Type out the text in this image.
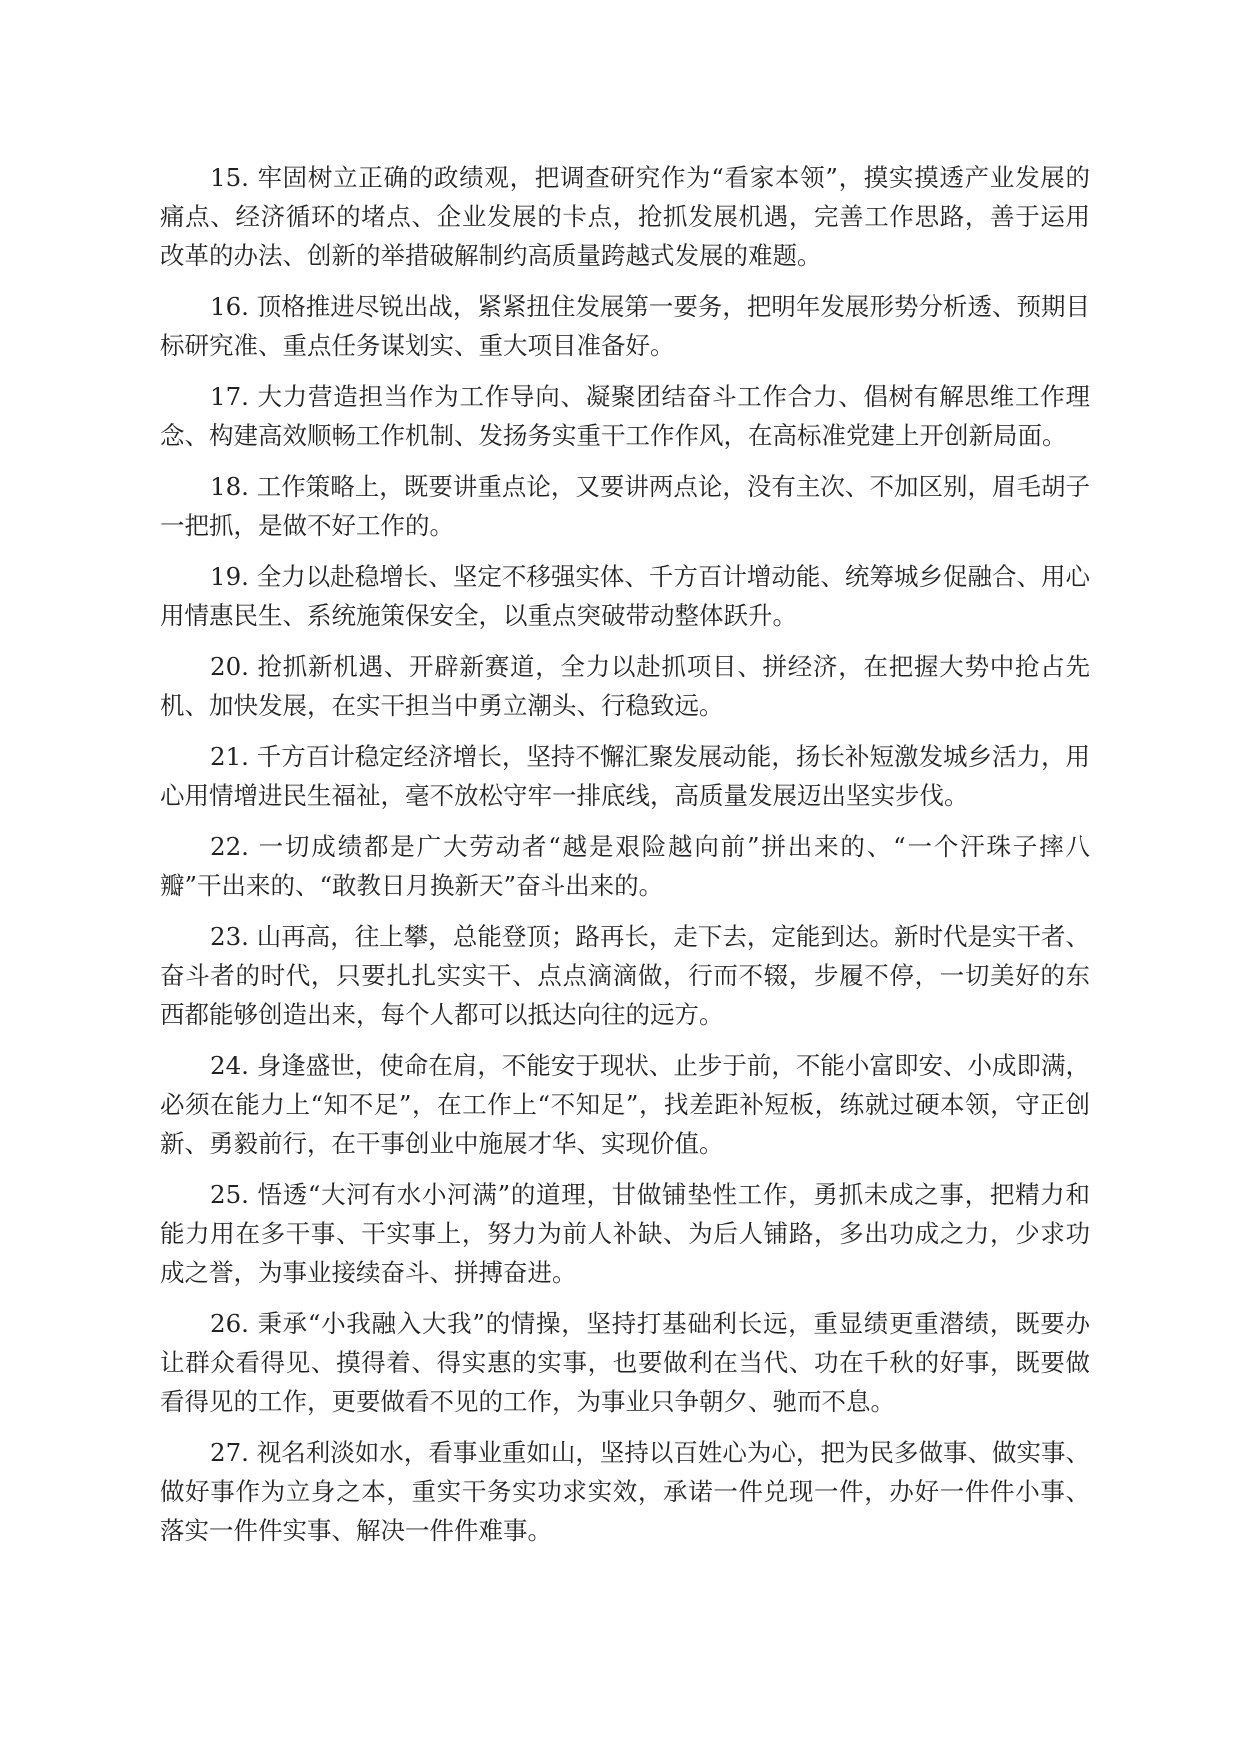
15. 牢固树立正确的政绩观，把调查研究作为“看家本领”，摸实摸透产业发展的痛点、经济循环的堵点、企业发展的卡点，抢抓发展机遇，完善工作思路，善于运用改革的办法、创新的举措破解制约高质量跨越式发展的难题。

16. 顶格推进尽锐出战，紧紧扭住发展第一要务，把明年发展形势分析透、预期目标研究准、重点任务谋划实、重大项目准备好。

17. 大力营造担当作为工作导向、凝聚团结奋斗工作合力、倡树有解思维工作理念、构建高效顺畅工作机制、发扬务实重干工作作风，在高标准党建上开创新局面。

18. 工作策略上，既要讲重点论，又要讲两点论，没有主次、不加区别，眉毛胡子一把抓，是做不好工作的。

19. 全力以赴稳增长、坚定不移强实体、千方百计增动能、统筹城乡促融合、用心用情惠民生、系统施策保安全，以重点突破带动整体跃升。

20. 抢抓新机遇、开辟新赛道，全力以赴抓项目、拼经济，在把握大势中抢占先机、加快发展，在实干担当中勇立潮头、行稳致远。

21. 千方百计稳定经济增长，坚持不懈汇聚发展动能，扬长补短激发城乡活力，用心用情增进民生福祉，毫不放松守牢一排底线，高质量发展迈出坚实步伐。

22. 一切成绩都是广大劳动者“越是艰险越向前”拼出来的、“一个汗珠子摔八瓣”干出来的、“敢教日月换新天”奋斗出来的。

23. 山再高，往上攀，总能登顶；路再长，走下去，定能到达。新时代是实干者、奋斗者的时代，只要扎扎实实干、点点滴滴做，行而不辍，步履不停，一切美好的东西都能够创造出来，每个人都可以抵达向往的远方。

24. 身逢盛世，使命在肩，不能安于现状、止步于前，不能小富即安、小成即满，必须在能力上“知不足”，在工作上“不知足”，找差距补短板，练就过硬本领，守正创新、勇毅前行，在干事创业中施展才华、实现价值。

25. 悟透“大河有水小河满”的道理，甘做铺垫性工作，勇抓未成之事，把精力和能力用在多干事、干实事上，努力为前人补缺、为后人铺路，多出功成之力，少求功成之誉，为事业接续奋斗、拼搏奋进。

26. 秉承“小我融入大我”的情操，坚持打基础利长远，重显绩更重潜绩，既要办让群众看得见、摸得着、得实惠的实事，也要做利在当代、功在千秋的好事，既要做看得见的工作，更要做看不见的工作，为事业只争朝夕、驰而不息。

27. 视名利淡如水，看事业重如山，坚持以百姓心为心，把为民多做事、做实事、做好事作为立身之本，重实干务实功求实效，承诺一件兑现一件，办好一件件小事、落实一件件实事、解决一件件难事。
